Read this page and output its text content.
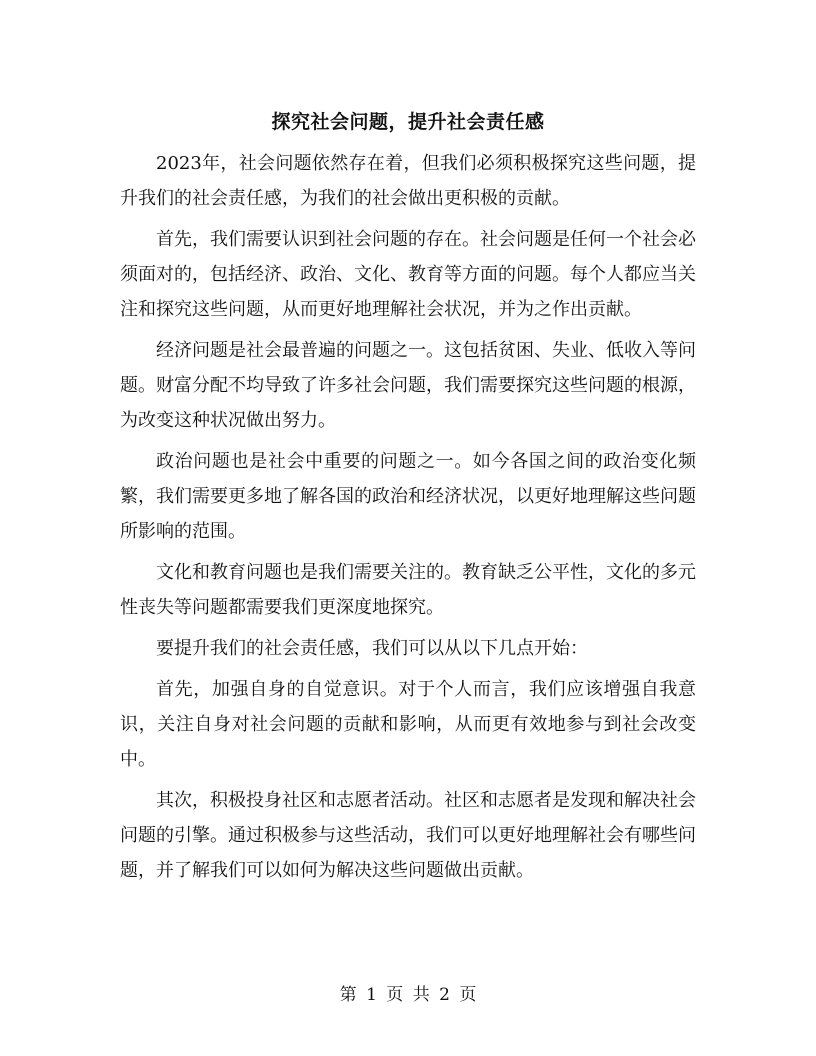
探究社会问题，提升社会责任感

2023年，社会问题依然存在着，但我们必须积极探究这些问题，提升我们的社会责任感，为我们的社会做出更积极的贡献。

首先，我们需要认识到社会问题的存在。社会问题是任何一个社会必须面对的，包括经济、政治、文化、教育等方面的问题。每个人都应当关注和探究这些问题，从而更好地理解社会状况，并为之作出贡献。

经济问题是社会最普遍的问题之一。这包括贫困、失业、低收入等问题。财富分配不均导致了许多社会问题，我们需要探究这些问题的根源，为改变这种状况做出努力。

政治问题也是社会中重要的问题之一。如今各国之间的政治变化频繁，我们需要更多地了解各国的政治和经济状况，以更好地理解这些问题所影响的范围。

文化和教育问题也是我们需要关注的。教育缺乏公平性，文化的多元性丧失等问题都需要我们更深度地探究。

要提升我们的社会责任感，我们可以从以下几点开始：

首先，加强自身的自觉意识。对于个人而言，我们应该增强自我意识，关注自身对社会问题的贡献和影响，从而更有效地参与到社会改变中。

其次，积极投身社区和志愿者活动。社区和志愿者是发现和解决社会问题的引擎。通过积极参与这些活动，我们可以更好地理解社会有哪些问题，并了解我们可以如何为解决这些问题做出贡献。

第 1 页 共 2 页
